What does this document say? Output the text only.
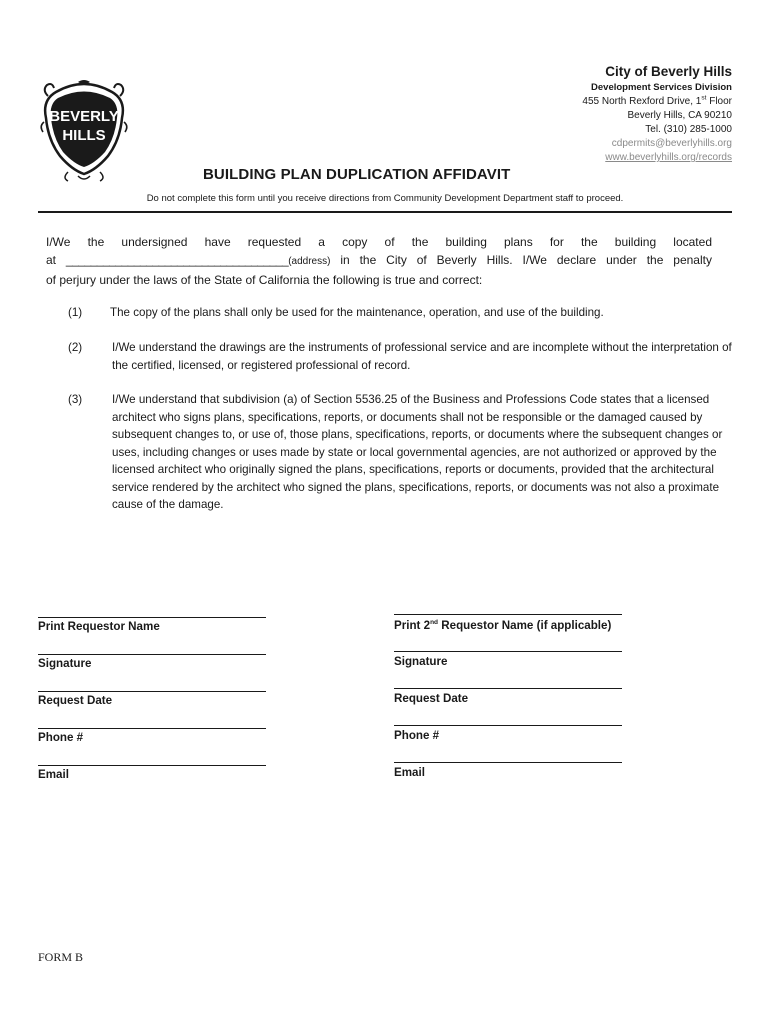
BEVERLY
HILLS
City of Beverly Hills
Development Services Division
455 North Rexford Drive, 1st Floor
Beverly Hills, CA 90210
Tel. (310) 285-1000
cdpermits@beverlyhills.org
www.beverlyhills.org/records
BUILDING PLAN DUPLICATION AFFIDAVIT
Do not complete this form until you receive directions from Community Development Department staff to proceed.
I/We the undersigned have requested a copy of the building plans for the building located
at ____________________________________(address) in the City of Beverly Hills. I/We declare under the penalty
of perjury under the laws of the State of California the following is true and correct:
(1) The copy of the plans shall only be used for the maintenance, operation, and use of the building.
(2)	I/We understand the drawings are the instruments of professional service and are incomplete without the interpretation of the certified, licensed, or registered professional of record.
(3)	I/We understand that subdivision (a) of Section 5536.25 of the Business and Professions Code states that a licensed architect who signs plans, specifications, reports, or documents shall not be responsible or the damaged caused by subsequent changes to, or use of, those plans, specifications, reports, or documents where the subsequent changes or uses, including changes or uses made by state or local governmental agencies, are not authorized or approved by the licensed architect who originally signed the plans, specifications, reports or documents, provided that the architectural service rendered by the architect who signed the plans, specifications, reports, or documents was not also a proximate cause of the damage.
Print Requestor Name
Signature
Request Date
Phone #
Email
Print 2nd Requestor Name (if applicable)
Signature
Request Date
Phone #
Email
FORM B
